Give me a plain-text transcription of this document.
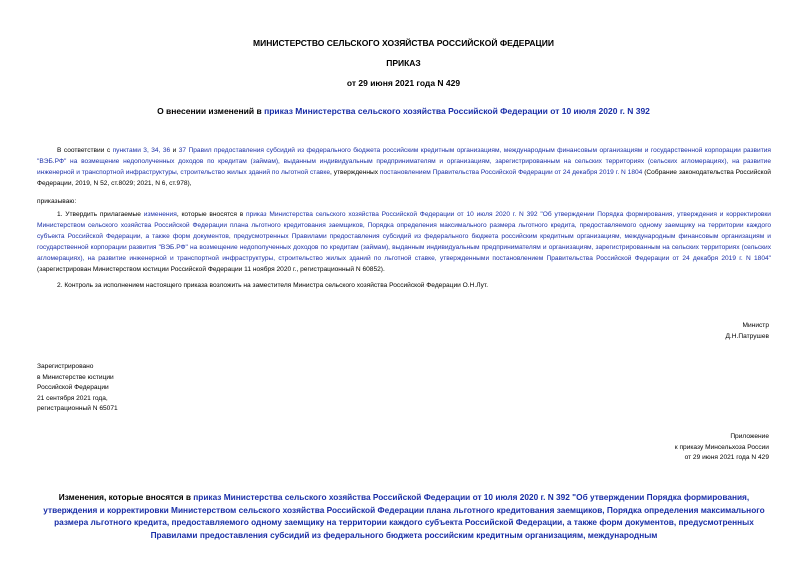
МИНИСТЕРСТВО СЕЛЬСКОГО ХОЗЯЙСТВА РОССИЙСКОЙ ФЕДЕРАЦИИ
ПРИКАЗ
от 29 июня 2021 года N 429
О внесении изменений в приказ Министерства сельского хозяйства Российской Федерации от 10 июля 2020 г. N 392
В соответствии с пунктами 3, 34, 36 и 37 Правил предоставления субсидий из федерального бюджета российским кредитным организациям, международным финансовым организациям и государственной корпорации развития "ВЭБ.РФ" на возмещение недополученных доходов по кредитам (займам), выданным индивидуальным предпринимателям и организациям, зарегистрированным на сельских территориях (сельских агломерациях), на развитие инженерной и транспортной инфраструктуры, строительство жилых зданий по льготной ставке, утвержденных постановлением Правительства Российской Федерации от 24 декабря 2019 г. N 1804 (Собрание законодательства Российской Федерации, 2019, N 52, ст.8029; 2021, N 6, ст.978),
приказываю:
1. Утвердить прилагаемые изменения, которые вносятся в приказ Министерства сельского хозяйства Российской Федерации от 10 июля 2020 г. N 392 "Об утверждении Порядка формирования, утверждения и корректировки Министерством сельского хозяйства Российской Федерации плана льготного кредитования заемщиков, Порядка определения максимального размера льготного кредита, предоставляемого одному заемщику на территории каждого субъекта Российской Федерации, а также форм документов, предусмотренных Правилами предоставления субсидий из федерального бюджета российским кредитным организациям, международным финансовым организациям и государственной корпорации развития "ВЭБ.РФ" на возмещение недополученных доходов по кредитам (займам), выданным индивидуальным предпринимателям и организациям, зарегистрированным на сельских территориях (сельских агломерациях), на развитие инженерной и транспортной инфраструктуры, строительство жилых зданий по льготной ставке, утвержденными постановлением Правительства Российской Федерации от 24 декабря 2019 г. N 1804" (зарегистрирован Министерством юстиции Российской Федерации 11 ноября 2020 г., регистрационный N 60852).
2. Контроль за исполнением настоящего приказа возложить на заместителя Министра сельского хозяйства Российской Федерации О.Н.Лут.
Министр
Д.Н.Патрушев
Зарегистрировано
в Министерстве юстиции
Российской Федерации
21 сентября 2021 года,
регистрационный N 65071
Приложение
к приказу Минсельхоза России
от 29 июня 2021 года N 429
Изменения, которые вносятся в приказ Министерства сельского хозяйства Российской Федерации от 10 июля 2020 г. N 392 "Об утверждении Порядка формирования, утверждения и корректировки Министерством сельского хозяйства Российской Федерации плана льготного кредитования заемщиков, Порядка определения максимального размера льготного кредита, предоставляемого одному заемщику на территории каждого субъекта Российской Федерации, а также форм документов, предусмотренных Правилами предоставления субсидий из федерального бюджета российским кредитным организациям, международным
